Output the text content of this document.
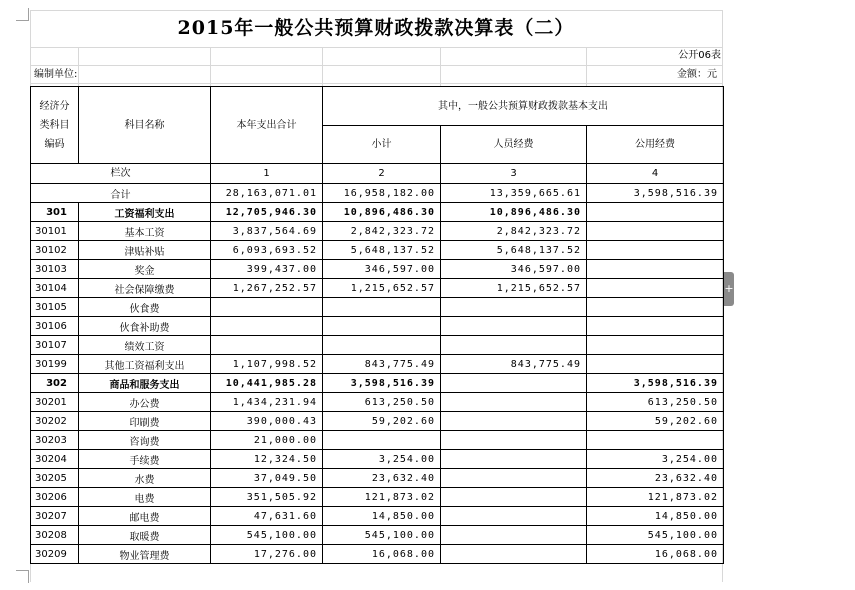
2015年一般公共预算财政拨款决算表（二）
公开06表
编制单位:	金额：元
经济分类科目编码	科目名称	本年支出合计	其中，一般公共预算财政拨款基本支出		
			小计	人员经费	公用经费
栏次		1	2	3	4
合计		28,163,071.01	16,958,182.00	13,359,665.61	3,598,516.39
301	工资福利支出	12,705,946.30	10,896,486.30	10,896,486.30	
30101	基本工资	3,837,564.69	2,842,323.72	2,842,323.72	
30102	津贴补贴	6,093,693.52	5,648,137.52	5,648,137.52	
30103	奖金	399,437.00	346,597.00	346,597.00	
30104	社会保障缴费	1,267,252.57	1,215,652.57	1,215,652.57	
30105	伙食费				
30106	伙食补助费				
30107	绩效工资				
30199	其他工资福利支出	1,107,998.52	843,775.49	843,775.49	
302	商品和服务支出	10,441,985.28	3,598,516.39		3,598,516.39
30201	办公费	1,434,231.94	613,250.50		613,250.50
30202	印刷费	390,000.43	59,202.60		59,202.60
30203	咨询费	21,000.00			
30204	手续费	12,324.50	3,254.00		3,254.00
30205	水费	37,049.50	23,632.40		23,632.40
30206	电费	351,505.92	121,873.02		121,873.02
30207	邮电费	47,631.60	14,850.00		14,850.00
30208	取暖费	545,100.00	545,100.00		545,100.00
30209	物业管理费	17,276.00	16,068.00		16,068.00
+
